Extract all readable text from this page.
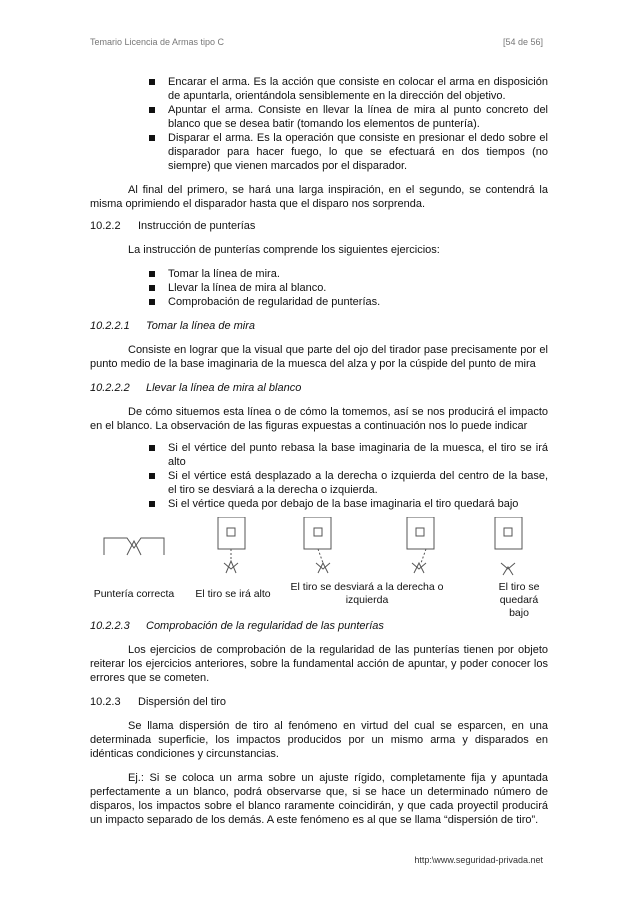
Temario Licencia de Armas tipo C	[54 de 56]
Encarar el arma. Es la acción que consiste en colocar el arma en disposición de apuntarla, orientándola sensiblemente en la dirección del objetivo.
Apuntar el arma. Consiste en llevar la línea de mira al punto concreto del blanco que se desea batir (tomando los elementos de puntería).
Disparar el arma. Es la operación que consiste en presionar el dedo sobre el disparador para hacer fuego, lo que se efectuará en dos tiempos (no siempre) que vienen marcados por el disparador.

Al final del primero, se hará una larga inspiración, en el segundo, se contendrá la misma oprimiendo el disparador hasta que el disparo nos sorprenda.

10.2.2 Instrucción de punterías

La instrucción de punterías comprende los siguientes ejercicios:

Tomar la línea de mira.
Llevar la línea de mira al blanco.
Comprobación de regularidad de punterías.

10.2.2.1 Tomar la línea de mira

Consiste en lograr que la visual que parte del ojo del tirador pase precisamente por el punto medio de la base imaginaria de la muesca del alza y por la cúspide del punto de mira

10.2.2.2 Llevar la línea de mira al blanco

De cómo situemos esta línea o de cómo la tomemos, así se nos producirá el impacto en el blanco. La observación de las figuras expuestas a continuación nos lo puede indicar

Si el vértice del punto rebasa la base imaginaria de la muesca, el tiro se irá alto
Si el vértice está desplazado a la derecha o izquierda del centro de la base, el tiro se desviará a la derecha o izquierda.
Si el vértice queda por debajo de la base imaginaria el tiro quedará bajo
Puntería correcta	El tiro se irá alto
El tiro se desviará a la derecha o izquierda
El tiro se quedará bajo

10.2.2.3 Comprobación de la regularidad de las punterías

Los ejercicios de comprobación de la regularidad de las punterías tienen por objeto reiterar los ejercicios anteriores, sobre la fundamental acción de apuntar, y poder conocer los errores que se cometen.

10.2.3 Dispersión del tiro

Se llama dispersión de tiro al fenómeno en virtud del cual se esparcen, en una determinada superficie, los impactos producidos por un mismo arma y disparados en idénticas condiciones y circunstancias.

Ej.: Si se coloca un arma sobre un ajuste rígido, completamente fija y apuntada perfectamente a un blanco, podrá observarse que, si se hace un determinado número de disparos, los impactos sobre el blanco raramente coincidirán, y que cada proyectil producirá un impacto separado de los demás. A este fenómeno es al que se llama “dispersión de tiro”.

http:\www.seguridad-privada.net
